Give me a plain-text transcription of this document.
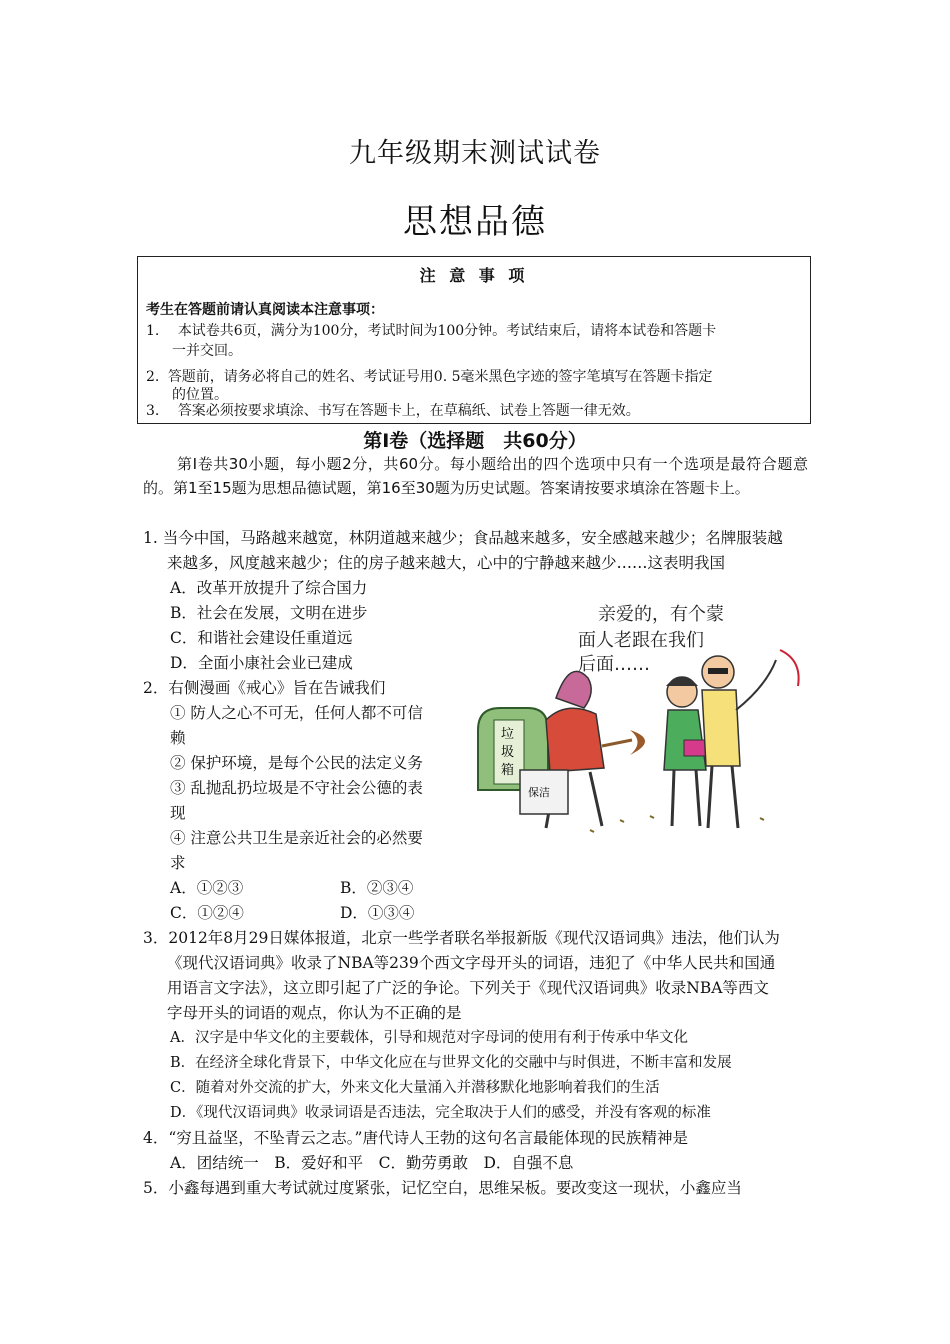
九年级期末测试试卷
思想品德
注 意 事 项
考生在答题前请认真阅读本注意事项：
1. 本试卷共6页，满分为100分，考试时间为100分钟。考试结束后，请将本试卷和答题卡
一并交回。
2. 答题前，请务必将自己的姓名、考试证号用0. 5毫米黑色字迹的签字笔填写在答题卡指定
的位置。
3. 答案必须按要求填涂、书写在答题卡上，在草稿纸、试卷上答题一律无效。
第Ⅰ卷（选择题　共60分）
第Ⅰ卷共30小题，每小题2分，共60分。每小题给出的四个选项中只有一个选项是最符合题意的。第1至15题为思想品德试题，第16至30题为历史试题。答案请按要求填涂在答题卡上。
1. 当今中国，马路越来越宽，林阴道越来越少；食品越来越多，安全感越来越少；名牌服装越
来越多，风度越来越少；住的房子越来越大，心中的宁静越来越少……这表明我国
A．改革开放提升了综合国力
B．社会在发展，文明在进步
C．和谐社会建设任重道远
D．全面小康社会业已建成
2．右侧漫画《戒心》旨在告诫我们
① 防人之心不可无，任何人都不可信
赖
② 保护环境，是每个公民的法定义务
③ 乱抛乱扔垃圾是不守社会公德的表
现
④ 注意公共卫生是亲近社会的必然要
求
A．①②③	B．②③④
C．①②④	D．①③④
亲爱的，有个蒙
面人老跟在我们
后面……
垃
圾
箱
保洁
3．2012年8月29日媒体报道，北京一些学者联名举报新版《现代汉语词典》违法，他们认为
《现代汉语词典》收录了NBA等239个西文字母开头的词语，违犯了《中华人民共和国通
用语言文字法》，这立即引起了广泛的争论。下列关于《现代汉语词典》收录NBA等西文
字母开头的词语的观点，你认为不正确的是
A．汉字是中华文化的主要载体，引导和规范对字母词的使用有利于传承中华文化
B．在经济全球化背景下，中华文化应在与世界文化的交融中与时俱进，不断丰富和发展
C．随着对外交流的扩大，外来文化大量涌入并潜移默化地影响着我们的生活
D．《现代汉语词典》收录词语是否违法，完全取决于人们的感受，并没有客观的标准
4．“穷且益坚，不坠青云之志。”唐代诗人王勃的这句名言最能体现的民族精神是
A．团结统一　B．爱好和平　C．勤劳勇敢　D．自强不息
5．小鑫每遇到重大考试就过度紧张，记忆空白，思维呆板。要改变这一现状，小鑫应当
